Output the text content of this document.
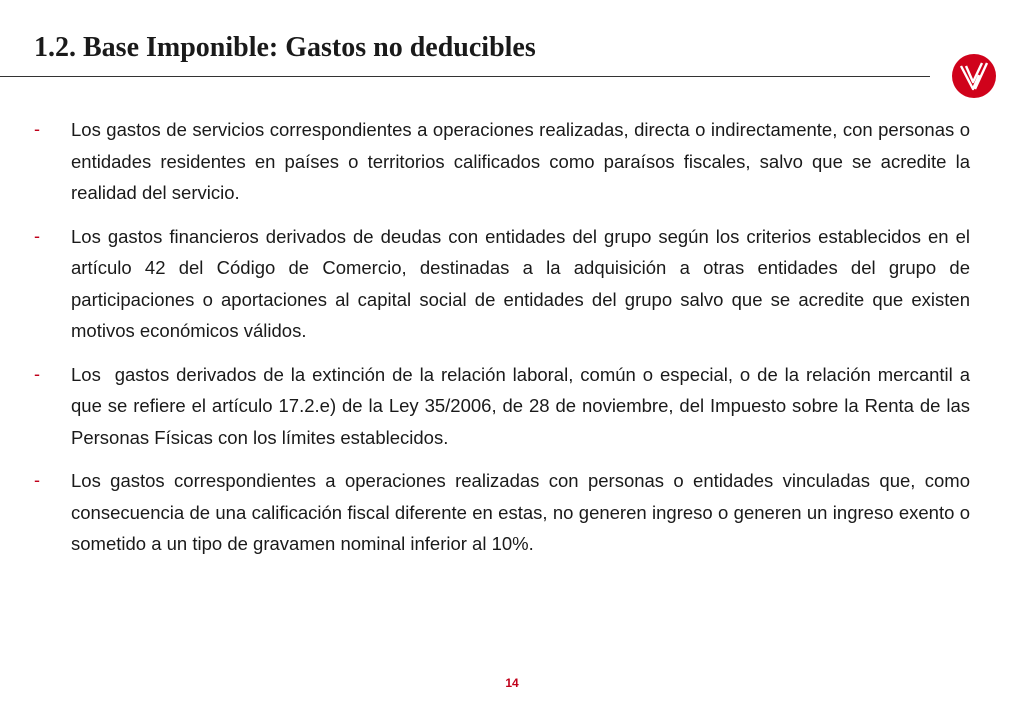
1.2. Base Imponible: Gastos no deducibles
- Los gastos de servicios correspondientes a operaciones realizadas, directa o indirectamente, con personas o entidades residentes en países o territorios calificados como paraísos fiscales, salvo que se acredite la realidad del servicio.
- Los gastos financieros derivados de deudas con entidades del grupo según los criterios establecidos en el artículo 42 del Código de Comercio, destinadas a la adquisición a otras entidades del grupo de participaciones o aportaciones al capital social de entidades del grupo salvo que se acredite que existen motivos económicos válidos.
- Los  gastos derivados de la extinción de la relación laboral, común o especial, o de la relación mercantil a que se refiere el artículo 17.2.e) de la Ley 35/2006, de 28 de noviembre, del Impuesto sobre la Renta de las Personas Físicas con los límites establecidos.
- Los gastos correspondientes a operaciones realizadas con personas o entidades vinculadas que, como consecuencia de una calificación fiscal diferente en estas, no generen ingreso o generen un ingreso exento o sometido a un tipo de gravamen nominal inferior al 10%.
14
